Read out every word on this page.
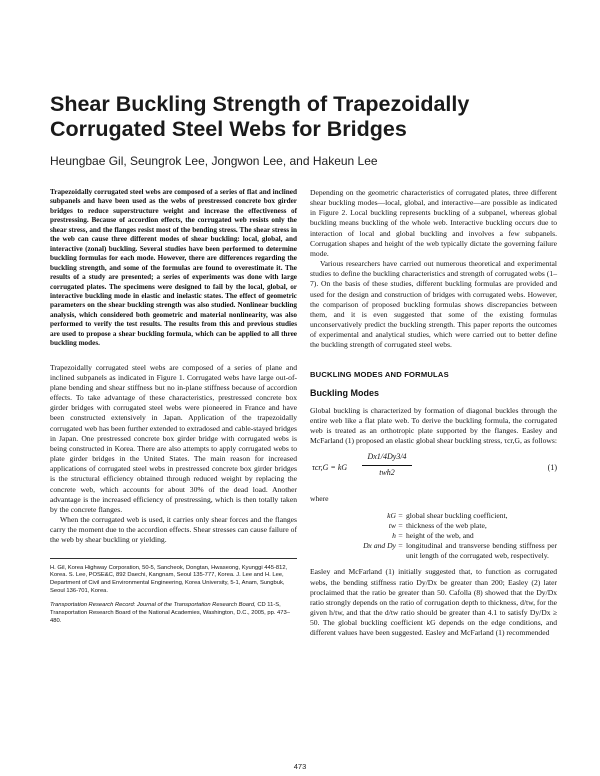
Shear Buckling Strength of Trapezoidally Corrugated Steel Webs for Bridges
Heungbae Gil, Seungrok Lee, Jongwon Lee, and Hakeun Lee

Trapezoidally corrugated steel webs are composed of a series of flat and inclined subpanels and have been used as the webs of prestressed concrete box girder bridges to reduce superstructure weight and increase the effectiveness of prestressing. Because of accordion effects, the corrugated web resists only the shear stress, and the flanges resist most of the bending stress. The shear stress in the web can cause three different modes of shear buckling: local, global, and interactive (zonal) buckling. Several studies have been performed to determine buckling formulas for each mode. However, there are differences regarding the buckling strength, and some of the formulas are found to overestimate it. The results of a study are presented; a series of experiments was done with large corrugated plates. The specimens were designed to fail by the local, global, or interactive buckling mode in elastic and inelastic states. The effect of geometric parameters on the shear buckling strength was also studied. Nonlinear buckling analysis, which considered both geometric and material nonlinearity, was also performed to verify the test results. The results from this and previous studies are used to propose a shear buckling formula, which can be applied to all three buckling modes.

Trapezoidally corrugated steel webs are composed of a series of plane and inclined subpanels as indicated in Figure 1. Corrugated webs have large out-of-plane bending and shear stiffness but no in-plane stiffness because of accordion effects. To take advantage of these characteristics, prestressed concrete box girder bridges with corrugated steel webs were pioneered in France and have been constructed extensively in Japan. Application of the trapezoidally corrugated web has been further extended to extradosed and cable-stayed bridges in Japan. One prestressed concrete box girder bridge with corrugated webs is being constructed in Korea. There are also attempts to apply corrugated webs to plate girder bridges in the United States. The main reason for increased applications of corrugated steel webs in prestressed concrete box girder bridges is the structural efficiency obtained through reduced weight by replacing the concrete web, which accounts for about 30% of the dead load. Another advantage is the increased efficiency of prestressing, which is then totally taken by the concrete flanges.

When the corrugated web is used, it carries only shear forces and the flanges carry the moment due to the accordion effects. Shear stresses can cause failure of the web by shear buckling or yielding.

H. Gil, Korea Highway Corporation, 50-5, Sancheok, Dongtan, Hwaseong, Kyunggi 445-812, Korea. S. Lee, POSE&C, 892 Daechi, Kangnam, Seoul 135-777, Korea. J. Lee and H. Lee, Department of Civil and Environmental Engineering, Korea University, 5-1, Anam, Sungbuk, Seoul 136-701, Korea.

Transportation Research Record: Journal of the Transportation Research Board, CD 11-S, Transportation Research Board of the National Academies, Washington, D.C., 2005, pp. 473–480.

Depending on the geometric characteristics of corrugated plates, three different shear buckling modes—local, global, and interactive—are possible as indicated in Figure 2. Local buckling represents buckling of a subpanel, whereas global buckling means buckling of the whole web. Interactive buckling occurs due to interaction of local and global buckling and involves a few subpanels. Corrugation shapes and height of the web typically dictate the governing failure mode.

Various researchers have carried out numerous theoretical and experimental studies to define the buckling characteristics and strength of corrugated webs (1–7). On the basis of these studies, different buckling formulas are provided and used for the design and construction of bridges with corrugated webs. However, the comparison of proposed buckling formulas shows discrepancies between them, and it is even suggested that some of the existing formulas unconservatively predict the buckling strength. This paper reports the outcomes of experimental and analytical studies, which were carried out to better define the buckling strength of corrugated steel webs.

BUCKLING MODES AND FORMULAS
Buckling Modes

Global buckling is characterized by formation of diagonal buckles through the entire web like a flat plate web. To derive the buckling formula, the corrugated web is treated as an orthotropic plate supported by the flanges. Easley and McFarland (1) proposed an elastic global shear buckling stress, τcr,G, as follows:

τcr,G = kG
Dx1/4Dy3/4
twh2	(1)

where

kG = global shear buckling coefficient,
tw = thickness of the web plate,
h = height of the web, and
Dx and Dy = longitudinal and transverse bending stiffness per unit length of the corrugated web, respectively.

Easley and McFarland (1) initially suggested that, to function as corrugated webs, the bending stiffness ratio Dy/Dx be greater than 200; Easley (2) later proclaimed that the ratio be greater than 50. Cafolla (8) showed that the Dy/Dx ratio strongly depends on the ratio of corrugation depth to thickness, d/tw, for the given h/tw, and that the d/tw ratio should be greater than 4.1 to satisfy Dy/Dx ≥ 50. The global buckling coefficient kG depends on the edge conditions, and different values have been suggested. Easley and McFarland (1) recommended

473
